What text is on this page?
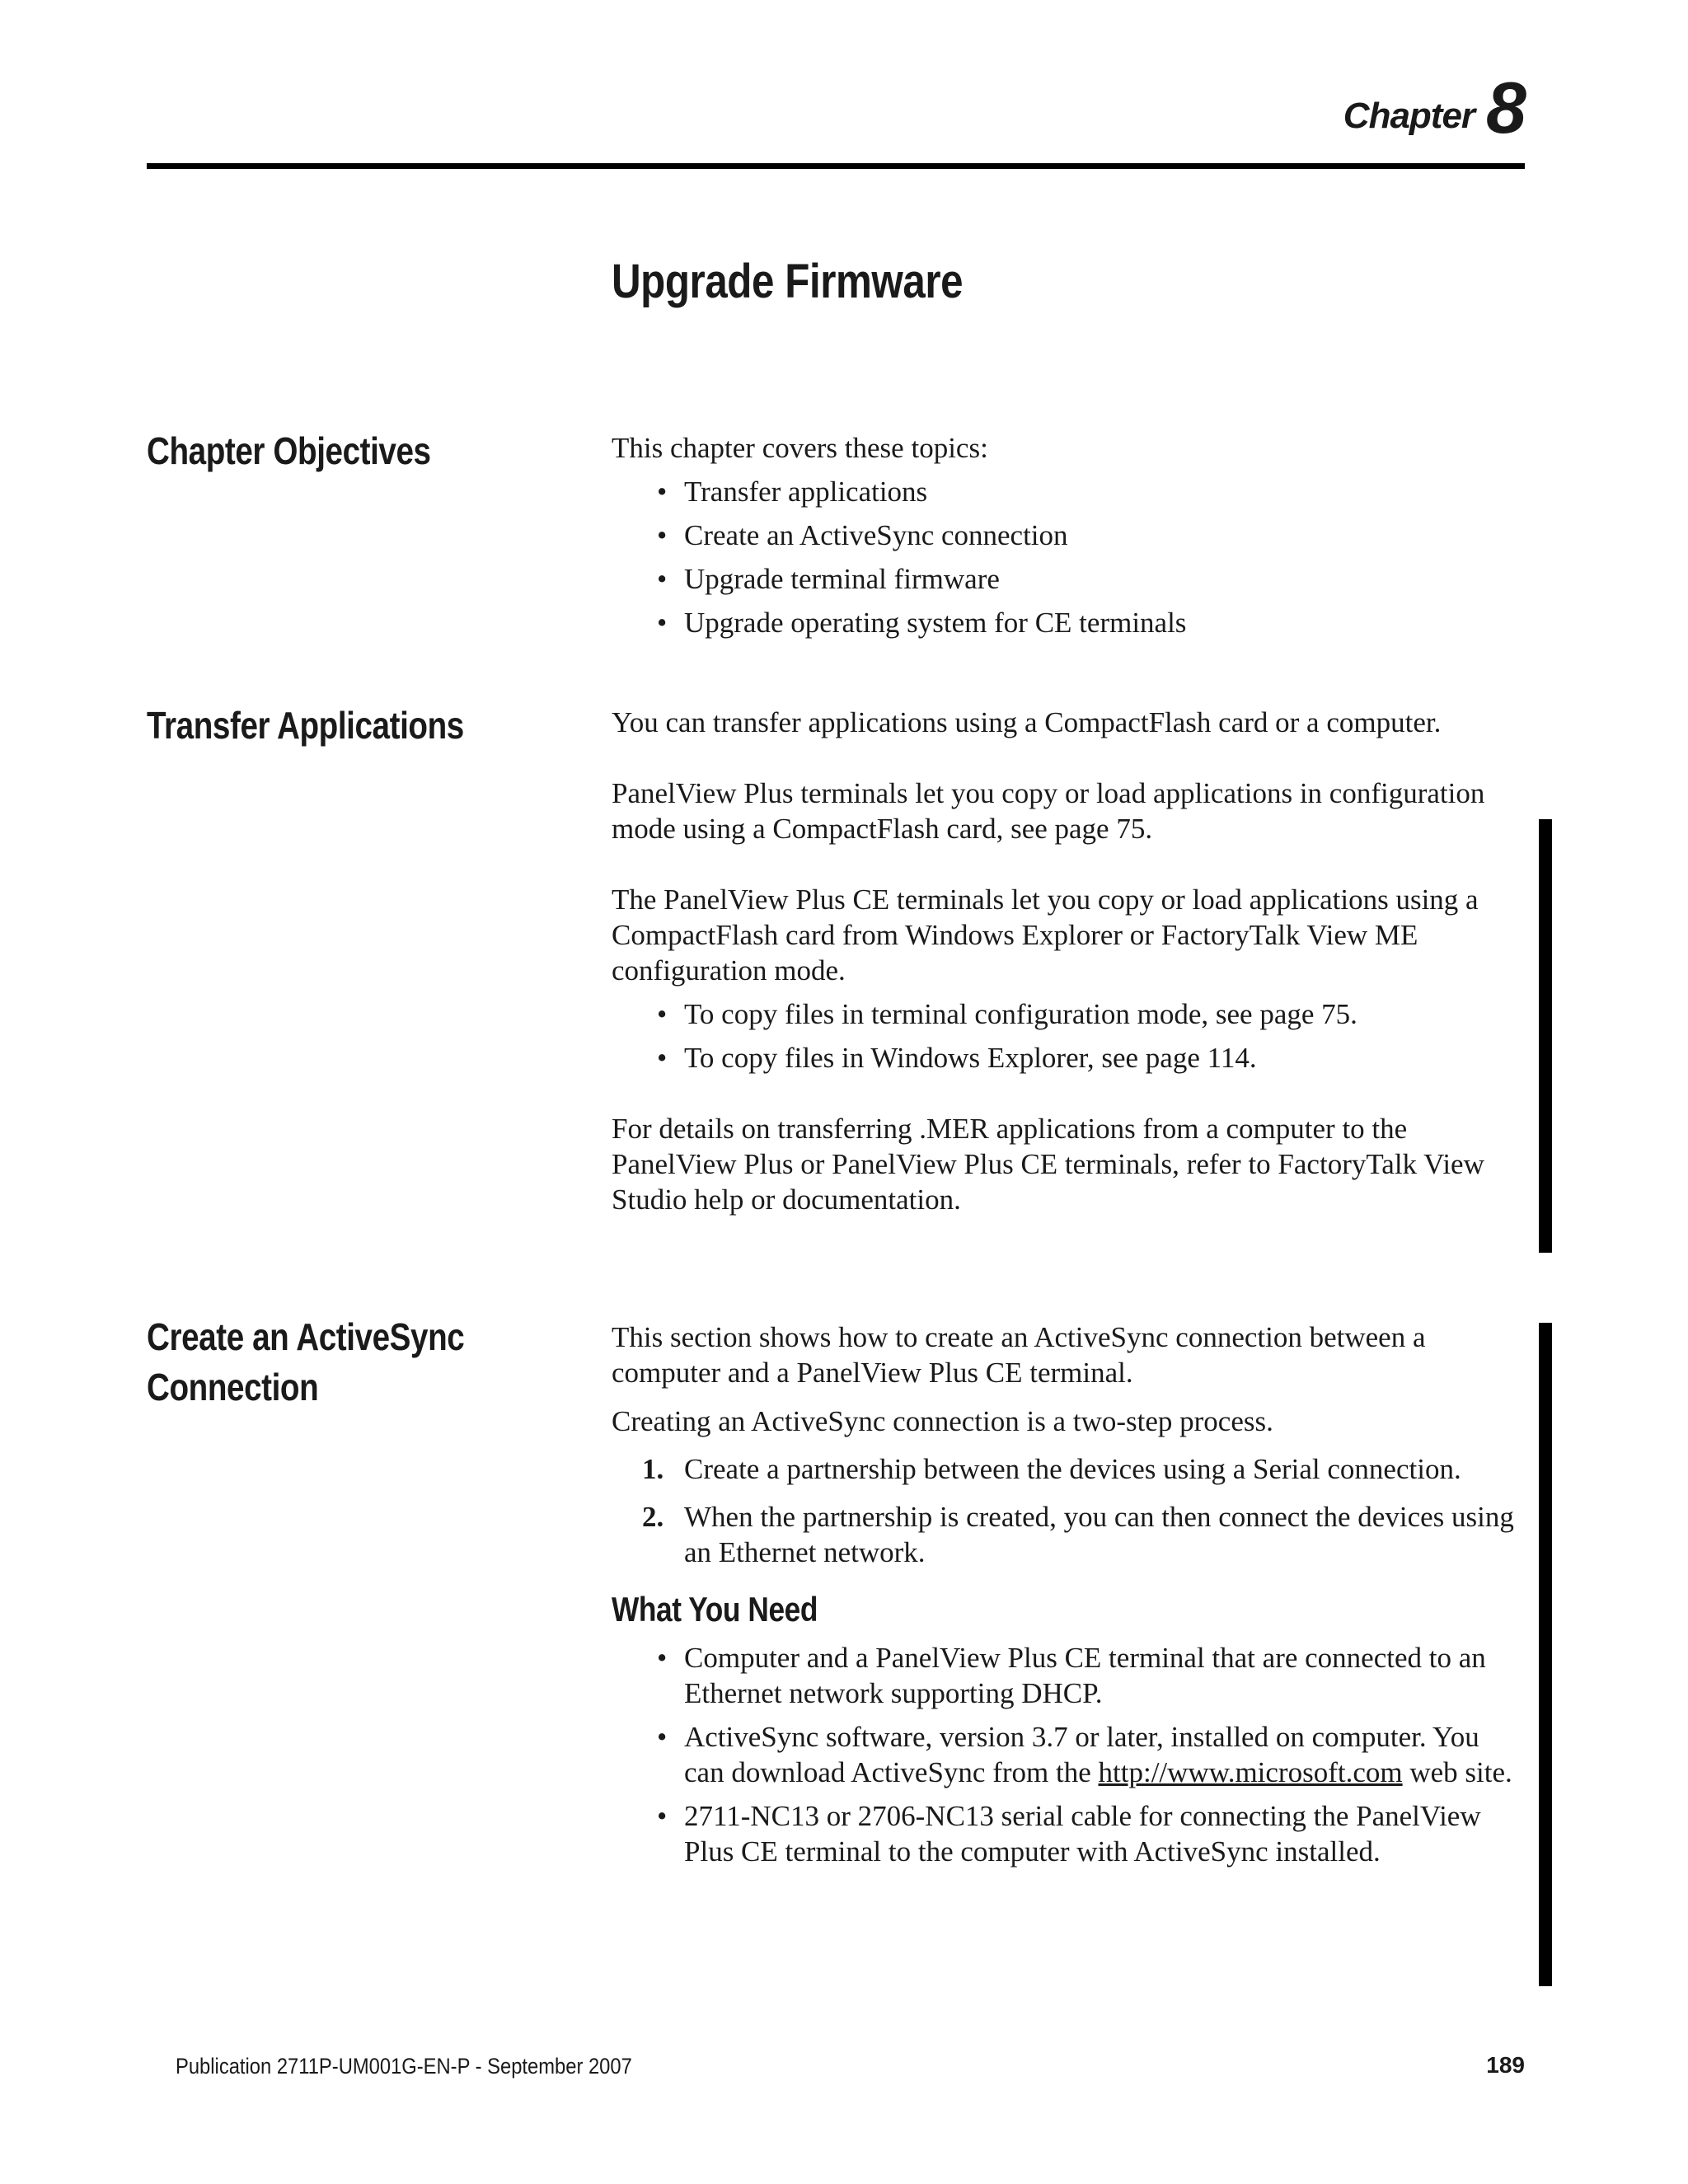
Chapter 8
Upgrade Firmware
Chapter Objectives	This chapter covers these topics:

• Transfer applications
• Create an ActiveSync connection
• Upgrade terminal firmware
• Upgrade operating system for CE terminals
Transfer Applications	You can transfer applications using a CompactFlash card or a computer.

PanelView Plus terminals let you copy or load applications in configuration mode using a CompactFlash card, see page 75.

The PanelView Plus CE terminals let you copy or load applications using a CompactFlash card from Windows Explorer or FactoryTalk View ME configuration mode.

• To copy files in terminal configuration mode, see page 75.
• To copy files in Windows Explorer, see page 114.

For details on transferring .MER applications from a computer to the PanelView Plus or PanelView Plus CE terminals, refer to FactoryTalk View Studio help or documentation.

Create an ActiveSync
Connection

This section shows how to create an ActiveSync connection between a computer and a PanelView Plus CE terminal.

Creating an ActiveSync connection is a two-step process.

1. Create a partnership between the devices using a Serial connection.
2. When the partnership is created, you can then connect the devices using an Ethernet network.
What You Need
• Computer and a PanelView Plus CE terminal that are connected to an Ethernet network supporting DHCP.
• ActiveSync software, version 3.7 or later, installed on computer. You can download ActiveSync from the http://www.microsoft.com web site.
• 2711-NC13 or 2706-NC13 serial cable for connecting the PanelView Plus CE terminal to the computer with ActiveSync installed.
Publication 2711P-UM001G-EN-P - September 2007	189
